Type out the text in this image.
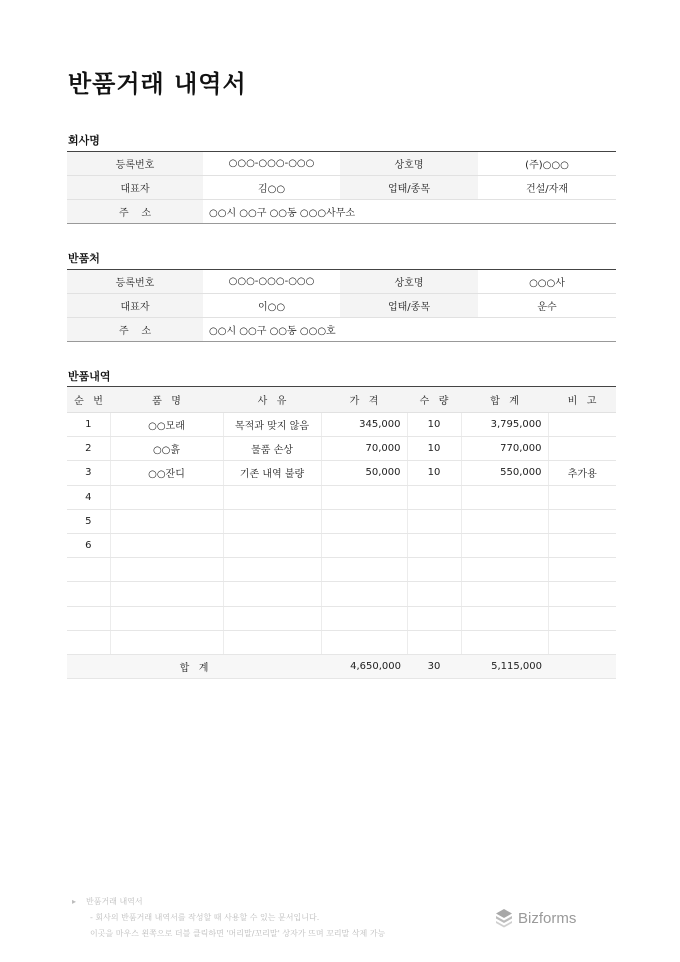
반품거래 내역서
회사명
등록번호	○○○-○○○-○○○	상호명	(주)○○○
대표자	김○○	업태/종목	건설/자재
주    소	○○시 ○○구 ○○동 ○○○사무소		
반품처
등록번호	○○○-○○○-○○○	상호명	○○○사
대표자	이○○	업태/종목	운수
주    소	○○시 ○○구 ○○동 ○○○호		
반품내역
순   번	품   명	사   유	가   격	수   량	합   계	비   고
1	○○모래	목적과 맞지 않음	345,000	10	3,795,000	
2	○○흙	물품 손상	70,000	10	770,000	
3	○○잔디	기존 내역 불량	50,000	10	550,000	추가용
4						
5						
6						

합   계			4,650,000	30	5,115,000	
▸ 반품거래 내역서
- 회사의 반품거래 내역서를 작성할 때 사용할 수 있는 문서입니다.
이곳을 마우스 왼쪽으로 더블 클릭하면 '머리말/꼬리말' 상자가 뜨며 꼬리말 삭제 가능
Bizforms
